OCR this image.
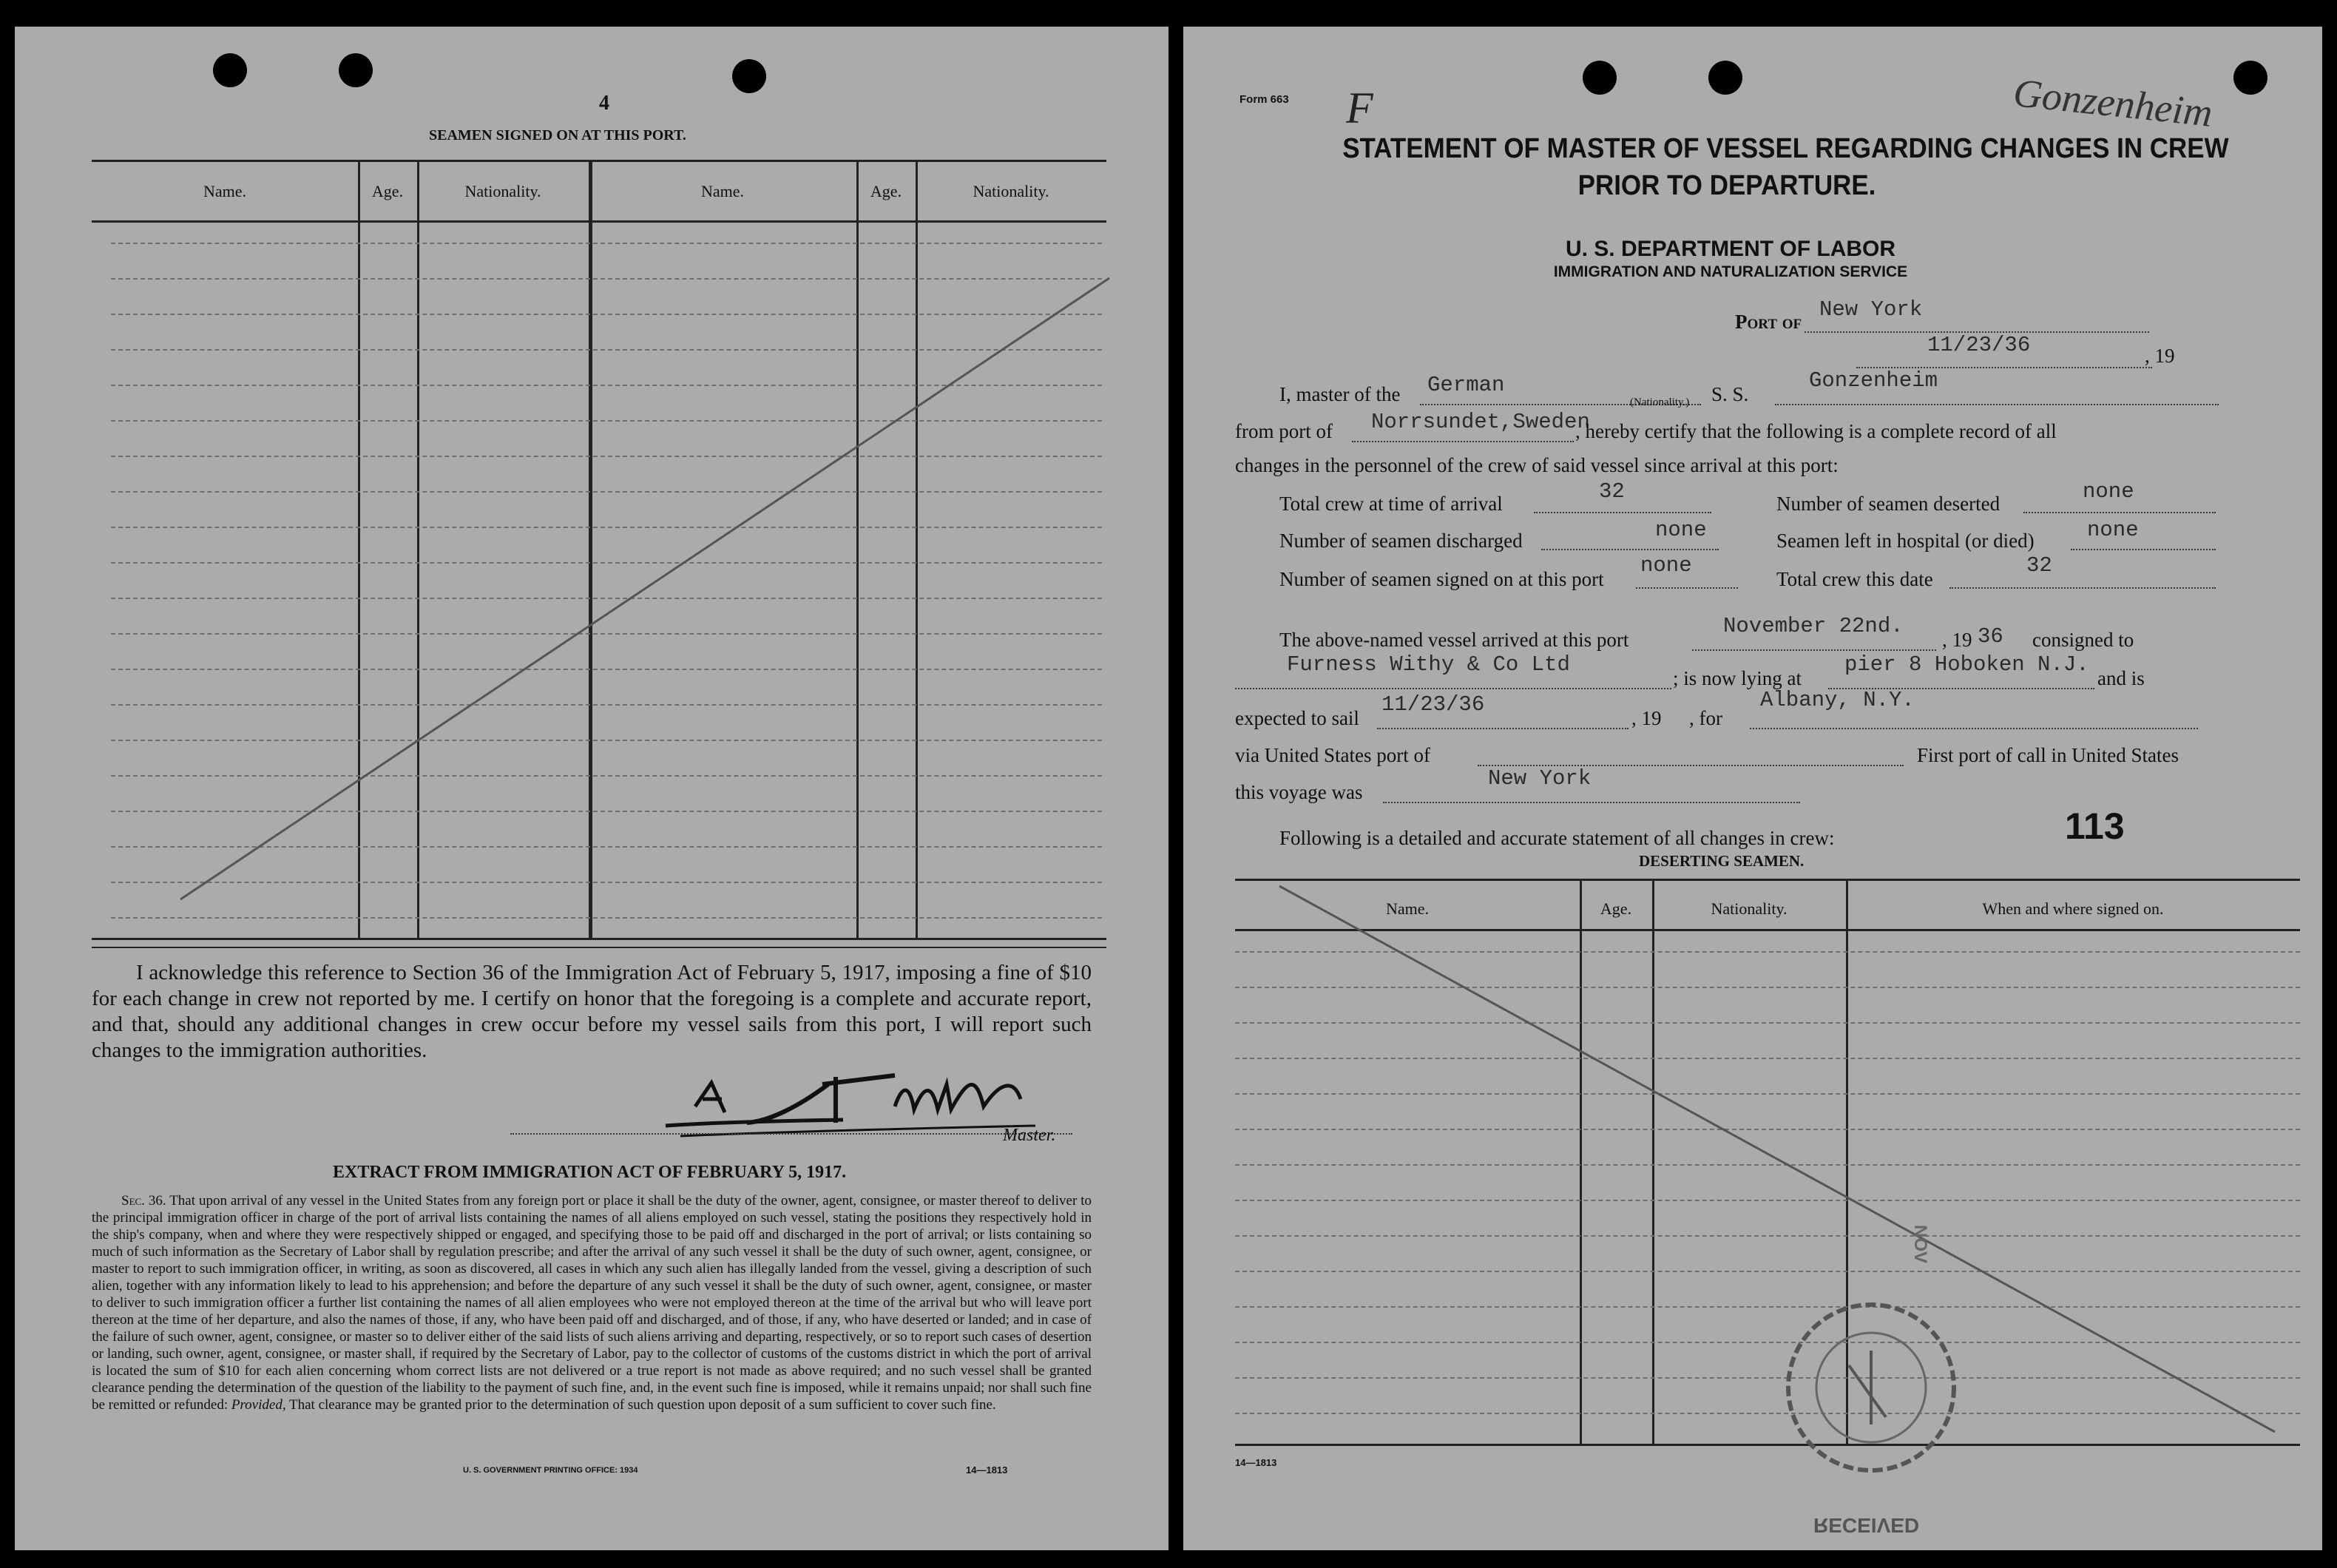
4
SEAMEN SIGNED ON AT THIS PORT.
Name.	Age.	Nationality.	Name.	Age.	Nationality.
I acknowledge this reference to Section 36 of the Immigration Act of February 5, 1917, imposing a fine of $10 for each change in crew not reported by me. I certify on honor that the foregoing is a complete and accurate report, and that, should any additional changes in crew occur before my vessel sails from this port, I will report such changes to the immigration authorities.
Master.
EXTRACT FROM IMMIGRATION ACT OF FEBRUARY 5, 1917.
Sec. 36. That upon arrival of any vessel in the United States from any foreign port or place it shall be the duty of the owner, agent, consignee, or master thereof to deliver to the principal immigration officer in charge of the port of arrival lists containing the names of all aliens employed on such vessel, stating the positions they respectively hold in the ship's company, when and where they were respectively shipped or engaged, and specifying those to be paid off and discharged in the port of arrival; or lists containing so much of such information as the Secretary of Labor shall by regulation prescribe; and after the arrival of any such vessel it shall be the duty of such owner, agent, consignee, or master to report to such immigration officer, in writing, as soon as discovered, all cases in which any such alien has illegally landed from the vessel, giving a description of such alien, together with any information likely to lead to his apprehension; and before the departure of any such vessel it shall be the duty of such owner, agent, consignee, or master to deliver to such immigration officer a further list containing the names of all alien employees who were not employed thereon at the time of the arrival but who will leave port thereon at the time of her departure, and also the names of those, if any, who have been paid off and discharged, and of those, if any, who have deserted or landed; and in case of the failure of such owner, agent, consignee, or master so to deliver either of the said lists of such aliens arriving and departing, respectively, or so to report such cases of desertion or landing, such owner, agent, consignee, or master shall, if required by the Secretary of Labor, pay to the collector of customs of the customs district in which the port of arrival is located the sum of $10 for each alien concerning whom correct lists are not delivered or a true report is not made as above required; and no such vessel shall be granted clearance pending the determination of the question of the liability to the payment of such fine, and, in the event such fine is imposed, while it remains unpaid; nor shall such fine be remitted or refunded: Provided, That clearance may be granted prior to the determination of such question upon deposit of a sum sufficient to cover such fine.
U. S. GOVERNMENT PRINTING OFFICE: 1934	14—1813
Form 663 F	Gonzenheim
STATEMENT OF MASTER OF VESSEL REGARDING CHANGES IN CREW
PRIOR TO DEPARTURE.
U. S. DEPARTMENT OF LABOR
IMMIGRATION AND NATURALIZATION SERVICE
Port of New York
11/23/36	, 19
I, master of the German
(Nationality.) S. S.
Gonzenheim
from port of Norrsundet,Sweden
, hereby certify that the following is a complete record of all
changes in the personnel of the crew of said vessel since arrival at this port:
Total crew at time of arrival	32	Number of seamen deserted	none
Number of seamen discharged	none	Seamen left in hospital (or died) none
Number of seamen signed on at this port
none
Total crew this date
32
The above-named vessel arrived at this port
November 22nd.
, 19 36 consigned to
Furness Withy & Co Ltd
; is now lying at
pier 8 Hoboken N.J.
and is
expected to sail
11/23/36
, 19 , for
Albany, N.Y.
via United States port of	First port of call in United States
this voyage was
New York
Following is a detailed and accurate statement of all changes in crew:	113
DESERTING SEAMEN.
Name.	Age.	Nationality.	When and where signed on.
NOV
14—1813
RECEIVED
